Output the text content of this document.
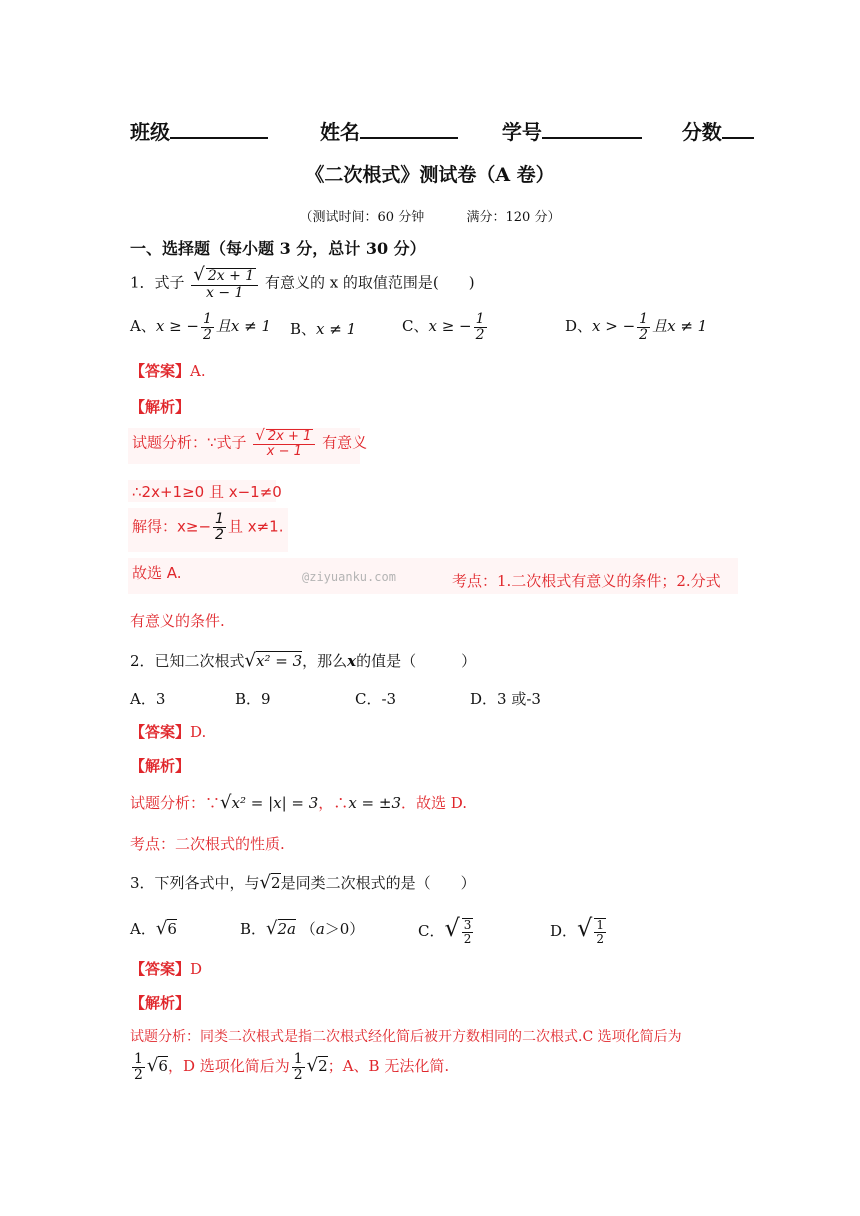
班级	姓名	学号	分数
《二次根式》测试卷（A 卷）
（测试时间：60 分钟	满分：120 分）
一、选择题（每小题 3 分，总计 30 分）
1．式子 $\frac{√ 2x + 1}{x - 1}$ 有意义的 x 的取值范围是(　　)
A、x ≥ − $\frac{1}{2}$ 且x ≠ 1 B、x ≠ 1	C、x ≥ − $\frac{1}{2}$	D、x > − $\frac{1}{2}$ 且x ≠ 1
【答案】A.
【解析】
试题分析：∵式子 $\frac{√ 2x + 1}{x - 1}$ 有意义
∴2x+1≥0 且 x−1≠0
解得：$x\ge- \frac{1}{2}$ 且 x≠1.
故选 A.	@ziyuanku.com	考点：1.二次根式有意义的条件；2.分式
有意义的条件.
2．已知二次根式√x² = 3，那么x的值是（　　　）
A．3	B．9	C．-3	D．3 或-3
【答案】D.
【解析】
试题分析：∵√x² = |x| = 3，∴x = ±3．故选 D.
考点：二次根式的性质.
3．下列各式中，与√2是同类二次根式的是（　　）
A．√6	B．√2a （a＞0）	C．√ $\frac{3}{2}$	D．√ $\frac{1}{2}$
【答案】D
【解析】
试题分析：同类二次根式是指二次根式经化简后被开方数相同的二次根式.C 选项化简后为
$\frac{1}{2} √6$，D 选项化简后为 $\frac{1}{2} √2$；A、B 无法化简.
